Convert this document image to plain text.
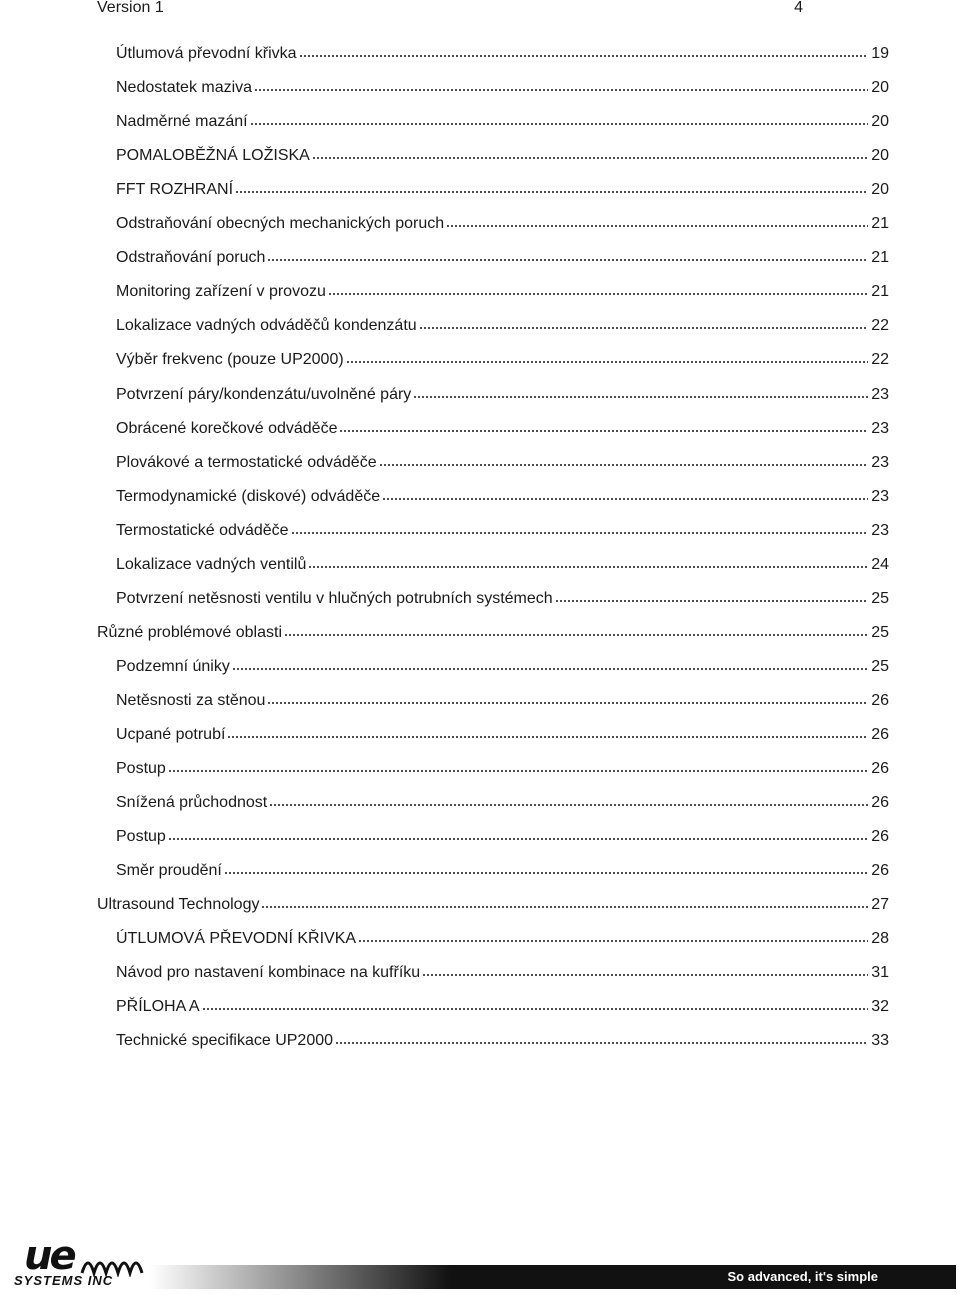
Version 1	4
Útlumová převodní křivka	19
Nedostatek maziva	20
Nadměrné mazání	20
POMALOBĚŽNÁ LOŽISKA	20
FFT ROZHRANÍ	20
Odstraňování obecných mechanických poruch	21
Odstraňování poruch	21
Monitoring zařízení v provozu	21
Lokalizace vadných odváděčů kondenzátu	22
Výběr frekvenc (pouze UP2000)	22
Potvrzení páry/kondenzátu/uvolněné páry	23
Obrácené korečkové odváděče	23
Plovákové a termostatické odváděče	23
Termodynamické (diskové) odváděče	23
Termostatické odváděče	23
Lokalizace vadných ventilů	24
Potvrzení netěsnosti ventilu v hlučných potrubních systémech	25
Různé problémové oblasti	25
Podzemní úniky	25
Netěsnosti za stěnou	26
Ucpané potrubí	26
Postup	26
Snížená průchodnost	26
Postup	26
Směr proudění	26
Ultrasound Technology	27
ÚTLUMOVÁ PŘEVODNÍ KŘIVKA	28
Návod pro nastavení kombinace na kufříku	31
PŘÍLOHA A	32
Technické specifikace UP2000	33
ue
SYSTEMS INC	So advanced, it's simple
